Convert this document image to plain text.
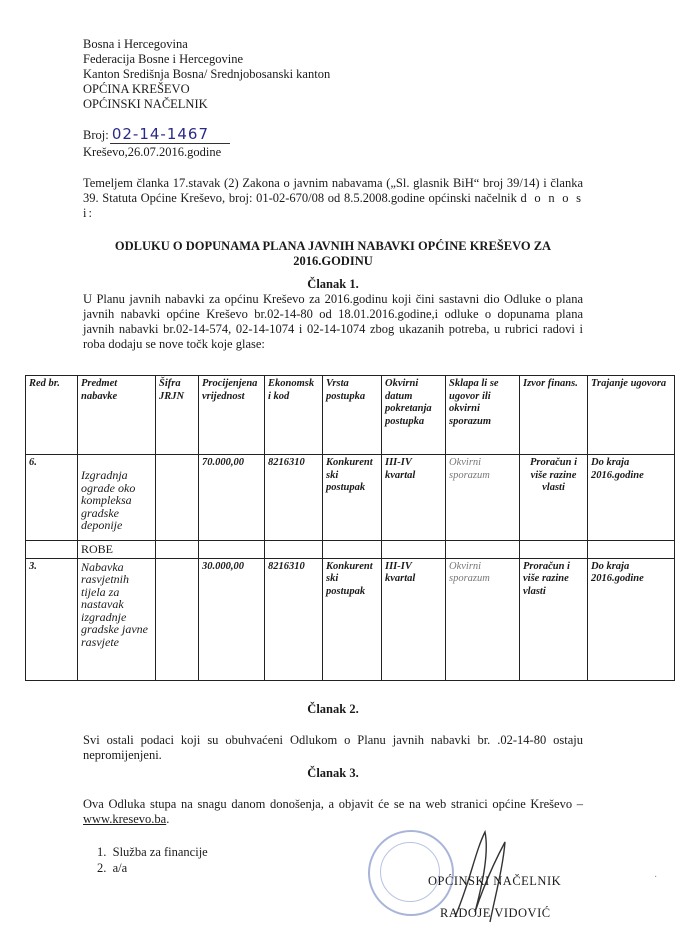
Bosna i Hercegovina
Federacija Bosne i Hercegovine
Kanton Središnja Bosna/ Srednjobosanski kanton
OPĆINA KREŠEVO
OPĆINSKI NAČELNIK
Broj: 02-14-1467
Kreševo,26.07.2016.godine
Temeljem članka 17.stavak (2) Zakona o javnim nabavama („Sl. glasnik BiH“ broj 39/14) i članka 39. Statuta Općine Kreševo, broj: 01-02-670/08 od 8.5.2008.godine općinski načelnik d o n o s i:
ODLUKU O DOPUNAMA PLANA JAVNIH NABAVKI OPĆINE KREŠEVO ZA
2016.GODINU
Članak 1.
U Planu javnih nabavki za općinu Kreševo za 2016.godinu koji čini sastavni dio Odluke o plana javnih nabavki općine Kreševo br.02-14-80 od 18.01.2016.godine,i odluke o dopunama plana javnih nabavki br.02-14-574, 02-14-1074 i 02-14-1074 zbog ukazanih potreba, u rubrici radovi i roba dodaju se nove točk koje glase:
Red br.	Predmet nabavke	Šifra JRJN	Procijenjena vrijednost	Ekonomsk i kod	Vrsta postupka	Okvirni datum pokretanja postupka	Sklapa li se ugovor ili okvirni sporazum	Izvor finans.	Trajanje ugovora
6.	Izgradnja ograde oko kompleksa gradske deponije		70.000,00	8216310	Konkurent ski postupak	III-IV kvartal	Okvirni sporazum	Proračun i više razine vlasti	Do kraja 2016.godine
	ROBE								
3.	Nabavka rasvjetnih tijela za nastavak izgradnje gradske javne rasvjete		30.000,00	8216310	Konkurent ski postupak	III-IV kvartal	Okvirni sporazum	Proračun i više razine vlasti	Do kraja 2016.godine
Članak 2.
Svi ostali podaci koji su obuhvaćeni Odlukom o Planu javnih nabavki br. .02-14-80 ostaju nepromijenjeni.
Članak 3.
Ova Odluka stupa na snagu danom donošenja, a objavit će se na web stranici općine Kreševo – www.kresevo.ba.
1. Služba za financije
2. a/a
OPĆINSKI NAČELNIK
RADOJE VIDOVIĆ
·
